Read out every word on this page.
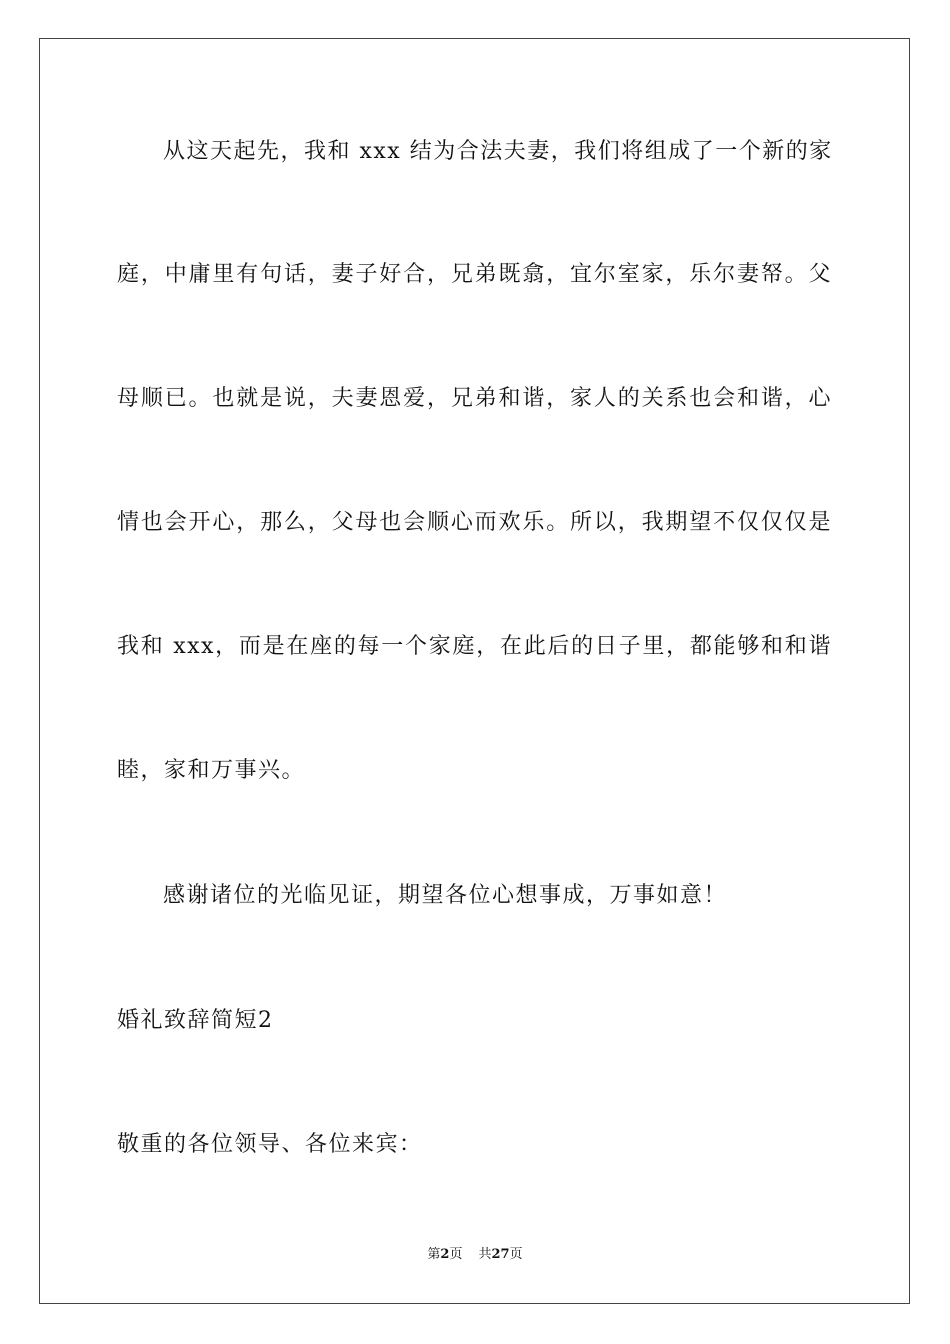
从这天起先，我和 xxx 结为合法夫妻，我们将组成了一个新的家
庭，中庸里有句话，妻子好合，兄弟既翕，宜尔室家，乐尔妻帑。父
母顺已。也就是说，夫妻恩爱，兄弟和谐，家人的关系也会和谐，心
情也会开心，那么，父母也会顺心而欢乐。所以，我期望不仅仅仅是
我和 xxx，而是在座的每一个家庭，在此后的日子里，都能够和和谐
睦，家和万事兴。
感谢诸位的光临见证，期望各位心想事成，万事如意！
婚礼致辞简短2
敬重的各位领导、各位来宾：
第2页 共27页
